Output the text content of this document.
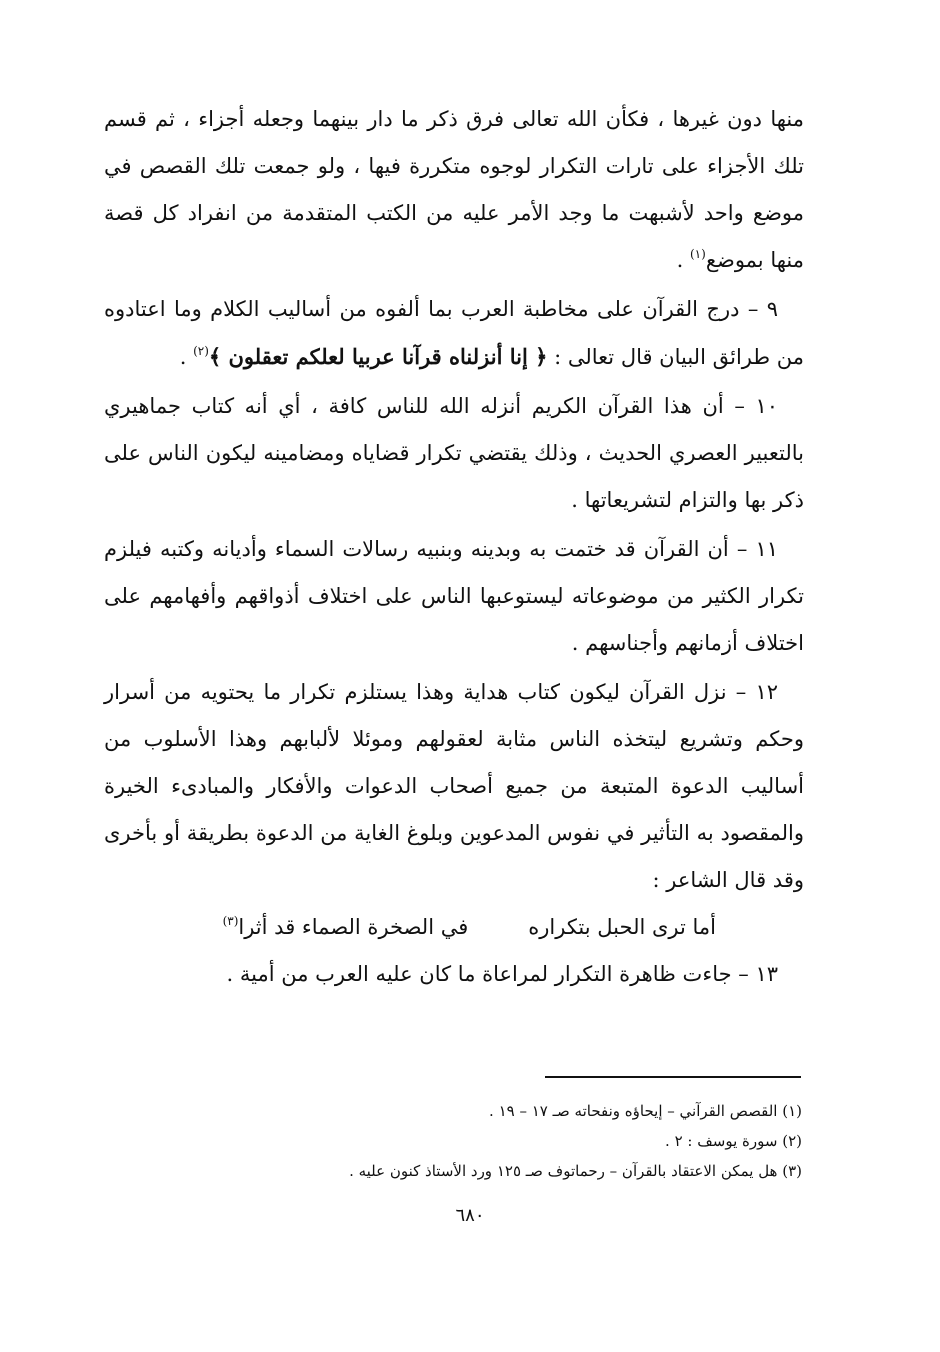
منها دون غيرها ، فكأن الله تعالى فرق ذكر ما دار بينهما وجعله أجزاء ، ثم قسم تلك الأجزاء على تارات التكرار لوجوه متكررة فيها ، ولو جمعت تلك القصص في موضع واحد لأشبهت ما وجد الأمر عليه من الكتب المتقدمة من انفراد كل قصة منها بموضع$^{(١)}$ .

٩ – درج القرآن على مخاطبة العرب بما ألفوه من أساليب الكلام وما اعتادوه من طرائق البيان قال تعالى : ﴿ إنا أنزلناه قرآنا عربيا لعلكم تعقلون ﴾$^{(٢)}$ .

١٠ – أن هذا القرآن الكريم أنزله الله للناس كافة ، أي أنه كتاب جماهيري بالتعبير العصري الحديث ، وذلك يقتضي تكرار قضاياه ومضامينه ليكون الناس على ذكر بها والتزام لتشريعاتها .

١١ – أن القرآن قد ختمت به وبدينه وبنبيه رسالات السماء وأديانه وكتبه فيلزم تكرار الكثير من موضوعاته ليستوعبها الناس على اختلاف أذواقهم وأفهامهم على اختلاف أزمانهم وأجناسهم .

١٢ – نزل القرآن ليكون كتاب هداية وهذا يستلزم تكرار ما يحتويه من أسرار وحكم وتشريع ليتخذه الناس مثابة لعقولهم وموئلا لألبابهم وهذا الأسلوب من أساليب الدعوة المتبعة من جميع أصحاب الدعوات والأفكار والمبادىء الخيرة والمقصود به التأثير في نفوس المدعوين وبلوغ الغاية من الدعوة بطريقة أو بأخرى وقد قال الشاعر :

أما ترى الحبل بتكراره
في الصخرة الصماء قد أثرا$^{(٣)}$

١٣ – جاءت ظاهرة التكرار لمراعاة ما كان عليه العرب من أمية .

(١) القصص القرآني – إيحاؤه ونفحاته صـ ١٧ – ١٩ .

(٢) سورة يوسف : ٢ .

(٣) هل يمكن الاعتقاد بالقرآن – رحماتوف صـ ١٢٥ ورد الأستاذ كنون عليه .

٦٨٠
